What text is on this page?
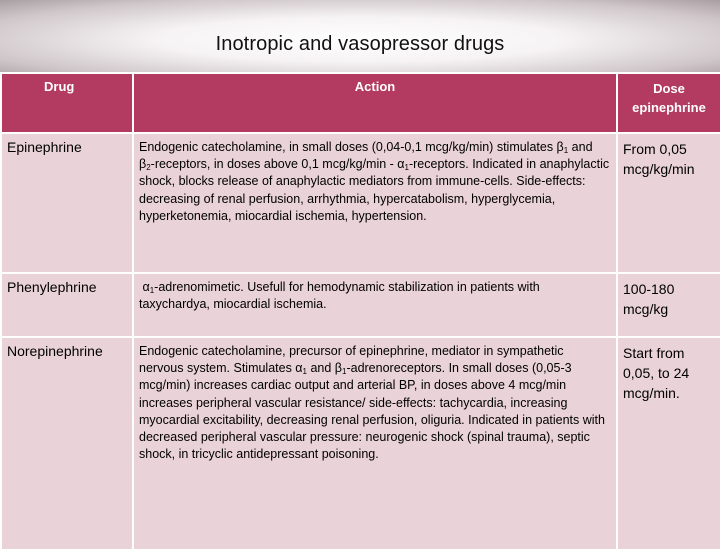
Inotropic and vasopressor drugs
Drug	Action	Dose epinephrine
Epinephrine	Endogenic catecholamine, in small doses (0,04-0,1 mcg/kg/min) stimulates $\beta_1$ and $\beta_2$-receptors, in doses above 0,1 $mcg/kg/\min - \alpha_1$-receptors. Indicated in anaphylactic shock, blocks release of anaphylactic mediators from immune-cells. Side-effects: decreasing of renal perfusion, arrhythmia, hypercatabolism, hyperglycemia, hyperketonemia, miocardial ischemia, hypertension.	From 0,05 mcg/kg/min
Phenylephrine	$\alpha_1$-adrenomimetic. Usefull for hemodynamic stabilization in patients with taxychardya, miocardial ischemia.	100-180 mcg/kg
Norepinephrine	Endogenic catecholamine, precursor of epinephrine, mediator in sympathetic nervous system. Stimulates $\alpha_1$ and $\beta_1$-adrenoreceptors. In small doses (0,05-3 mcg/min) increases cardiac output and arterial BP, in doses above 4 mcg/min increases peripheral vascular resistance/ side-effects: tachycardia, increasing myocardial excitability, decreasing renal perfusion, oliguria. Indicated in patients with decreased peripheral vascular pressure: neurogenic shock (spinal trauma), septic shock, in tricyclic antidepressant poisoning.	Start from 0,05, to 24 mcg/min.
